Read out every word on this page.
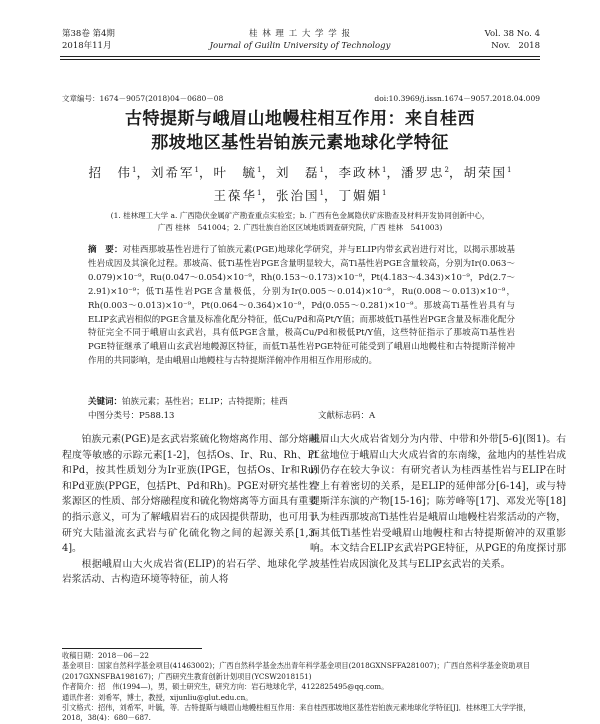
第38卷 第4期
2018年11月
桂 林 理 工 大 学 学 报
Journal of Guilin University of Technology
Vol. 38 No. 4
Nov.   2018
文章编号：1674－9057(2018)04－0680－08	doi:10.3969/j.issn.1674－9057.2018.04.009
古特提斯与峨眉山地幔柱相互作用：来自桂西
那坡地区基性岩铂族元素地球化学特征
招　伟$^1$，刘希军$^1$，叶　毓$^1$，刘　磊$^1$，李政林$^1$，潘罗忠$^2$，胡荣国$^1$
王葆华$^1$，张治国$^1$，丁媚媚$^1$
(1. 桂林理工大学 a. 广西隐伏金属矿产勘查重点实验室；b. 广西有色金属隐伏矿床勘查及材料开发协同创新中心，
广西 桂林　541004；2. 广西壮族自治区区域地质调查研究院，广西 桂林　541003)
摘　要：对桂西那坡基性岩进行了铂族元素(PGE)地球化学研究，并与ELIP内带玄武岩进行对比，以揭示那坡基性岩成因及其演化过程。那坡高、低Ti基性岩PGE含量明显较大，高Ti基性岩PGE含量较高，分别为Ir(0.063～0.079)×10⁻⁹，Ru(0.047～0.054)×10⁻⁹，Rh(0.153～0.173)×10⁻⁹，Pt(4.183～4.343)×10⁻⁹，Pd(2.7～2.91)×10⁻⁹；低Ti基性岩PGE含量极低，分别为Ir(0.005～0.014)×10⁻⁹，Ru(0.008～0.013)×10⁻⁹，Rh(0.003～0.013)×10⁻⁹，Pt(0.064～0.364)×10⁻⁹，Pd(0.055～0.281)×10⁻⁹。那坡高Ti基性岩具有与ELIP玄武岩相似的PGE含量及标准化配分特征，低Cu/Pd和高Pt/Y值；而那坡低Ti基性岩PGE含量及标准化配分特征完全不同于峨眉山玄武岩，具有低PGE含量，极高Cu/Pd和极低Pt/Y值，这些特征指示了那坡高Ti基性岩PGE特征继承了峨眉山玄武岩地幔源区特征，而低Ti基性岩PGE特征可能受到了峨眉山地幔柱和古特提斯洋俯冲作用的共同影响，是由峨眉山地幔柱与古特提斯洋俯冲作用相互作用形成的。
关键词：铂族元素；基性岩；ELIP；古特提斯；桂西
中图分类号：P588.13	文献标志码：A

铂族元素(PGE)是玄武岩浆硫化物熔离作用、部分熔融程度等敏感的示踪元素[1-2]，包括Os、Ir、Ru、Rh、Pt和Pd，按其性质划分为Ir亚族(IPGE，包括Os、Ir和Ru)和Pd亚族(PPGE，包括Pt、Pd和Rh)。PGE对研究基性岩浆源区的性质、部分熔融程度和硫化物熔离等方面具有重要的指示意义，可为了解峨眉岩石的成因提供帮助，也可用于研究大陆溢流玄武岩与矿化硫化物之间的起源关系[1,3-4]。

根据峨眉山大火成岩省(ELIP)的岩石学、地球化学、岩浆活动、古构造环境等特征，前人将

峨眉山大火成岩省划分为内带、中带和外带[5-6](图1)。右江盆地位于峨眉山大火成岩省的东南缘，盆地内的基性岩成因仍存在较大争议：有研究者认为桂西基性岩与ELIP在时空上有着密切的关系，是ELIP的延伸部分[6-14]，或与特提斯洋东演的产物[15-16]；陈芳峰等[17]、邓发光等[18]认为桂西那坡高Ti基性岩是峨眉山地幔柱岩浆活动的产物，而其低Ti基性岩受峨眉山地幔柱和古特提斯俯冲的双重影响。本文结合ELIP玄武岩PGE特征，从PGE的角度探讨那坡基性岩成因演化及其与ELIP玄武岩的关系。

收稿日期：2018－06－22
基金项目：国家自然科学基金项目(41463002)；广西自然科学基金杰出青年科学基金项目(2018GXNSFFA281007)；广西自然科学基金资助项目(2017GXNSFBA198167)；广西研究生教育创新计划项目(YCSW2018151)
作者简介：招　伟(1994—)，男，硕士研究生，研究方向：岩石地球化学，4122825495@qq.com。
通讯作者：刘希军，博士，教授，xijunliu@glut.edu.cn。
引文格式：招伟，刘希军，叶毓，等．古特提斯与峨眉山地幔柱相互作用：来自桂西那坡地区基性岩铂族元素地球化学特征[J]．桂林理工大学学报，2018，38(4)：680－687.
